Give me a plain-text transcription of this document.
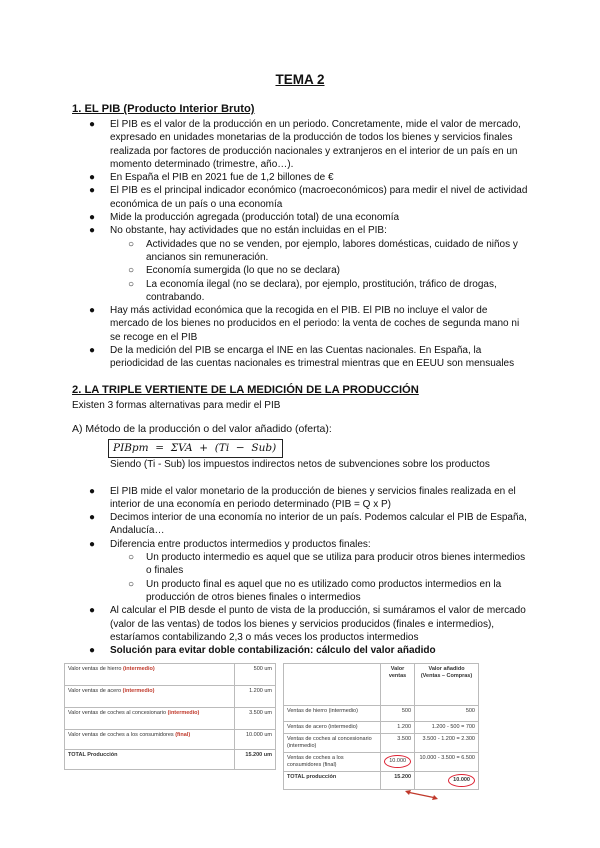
TEMA 2
1. EL PIB (Producto Interior Bruto)
● El PIB es el valor de la producción en un periodo. Concretamente, mide el valor de mercado, expresado en unidades monetarias de la producción de todos los bienes y servicios finales realizada por factores de producción nacionales y extranjeros en el interior de un país en un momento determinado (trimestre, año…).
● En España el PIB en 2021 fue de 1,2 billones de €
● El PIB es el principal indicador económico (macroeconómicos) para medir el nivel de actividad económica de un país o una economía
● Mide la producción agregada (producción total) de una economía
● No obstante, hay actividades que no están incluidas en el PIB:
○ Actividades que no se venden, por ejemplo, labores domésticas, cuidado de niños y ancianos sin remuneración.
○ Economía sumergida (lo que no se declara)
○ La economía ilegal (no se declara), por ejemplo, prostitución, tráfico de drogas, contrabando.
● Hay más actividad económica que la recogida en el PIB. El PIB no incluye el valor de mercado de los bienes no producidos en el periodo: la venta de coches de segunda mano ni se recoge en el PIB
● De la medición del PIB se encarga el INE en las Cuentas nacionales. En España, la periodicidad de las cuentas nacionales es trimestral mientras que en EEUU son mensuales
2. LA TRIPLE VERTIENTE DE LA MEDICIÓN DE LA PRODUCCIÓN
Existen 3 formas alternativas para medir el PIB
A) Método de la producción o del valor añadido (oferta):
PIBpm  =  ΣVA  +  (Ti  −  Sub)
Siendo (Ti - Sub) los impuestos indirectos netos de subvenciones sobre los productos
● El PIB mide el valor monetario de la producción de bienes y servicios finales realizada en el interior de una economía en periodo determinado (PIB = Q x P)
● Decimos interior de una economía no interior de un país. Podemos calcular el PIB de España, Andalucía…
● Diferencia entre productos intermedios y productos finales:
○ Un producto intermedio es aquel que se utiliza para producir otros bienes intermedios o finales
○ Un producto final es aquel que no es utilizado como productos intermedios en la producción de otros bienes finales o intermedios
● Al calcular el PIB desde el punto de vista de la producción, si sumáramos el valor de mercado (valor de las ventas) de todos los bienes y servicios producidos (finales e intermedios), estaríamos contabilizando 2,3 o más veces los productos intermedios
● Solución para evitar doble contabilización: cálculo del valor añadido
Valor ventas de hierro (intermedio)	500 um
Valor ventas de acero (intermedio)	1.200 um
Valor ventas de coches al concesionario (intermedio)	3.500 um
Valor ventas de coches a los consumidores (final)	10.000 um
TOTAL Producción	15.200 um
	Valor ventas	Valor añadido (Ventas – Compras)
Ventas de hierro (intermedio)	500	500
Ventas de acero (intermedio)	1.200	1.200 - 500 = 700
Ventas de coches al concesionario (intermedio)	3.500	3.500 - 1.200 = 2.300
Ventas de coches a los consumidores (final)	10.000	10.000 - 3.500 = 6.500
TOTAL producción	15.200	10.000
